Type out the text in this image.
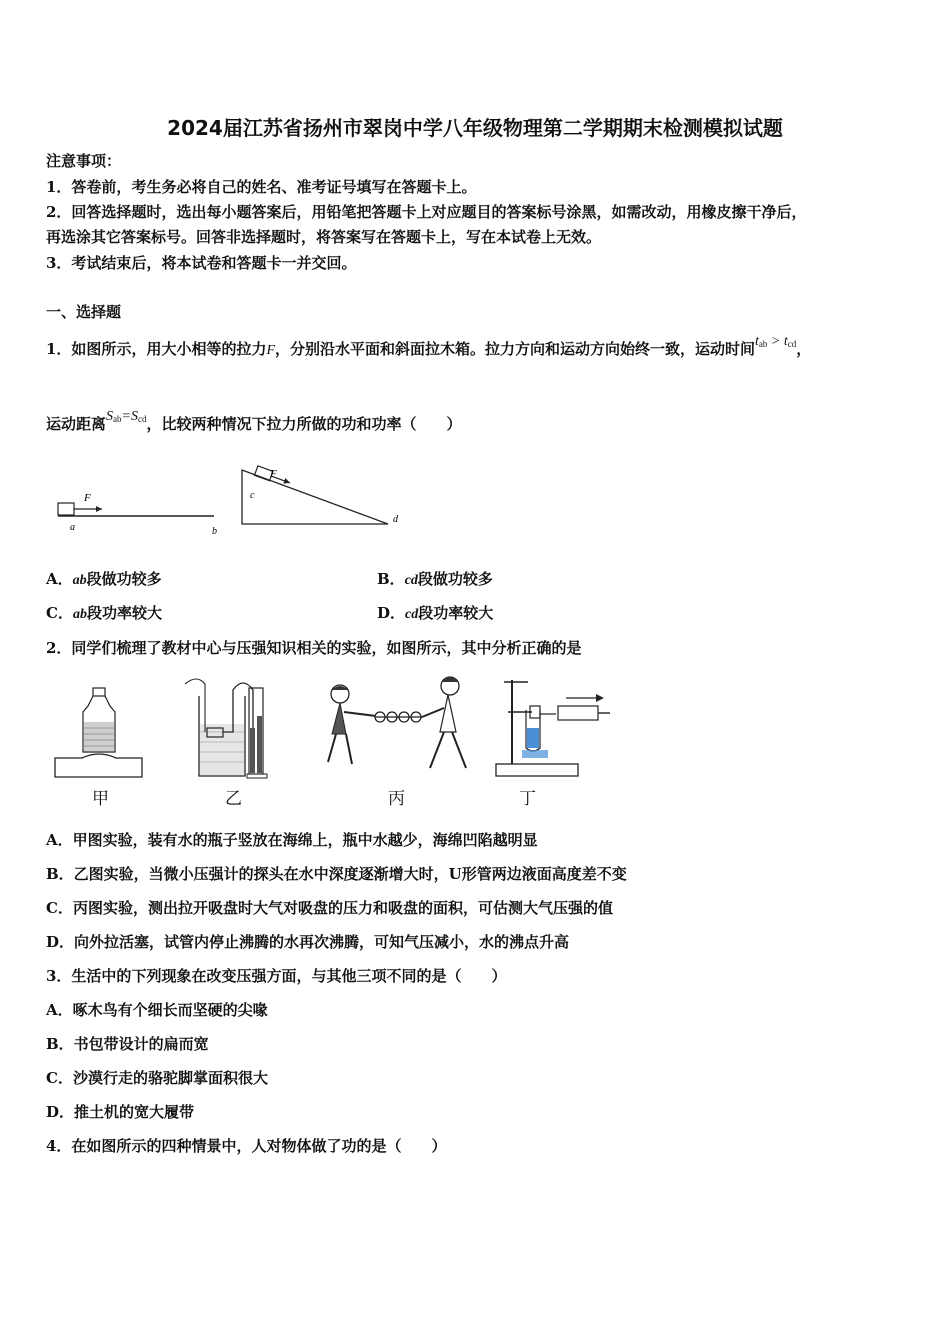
2024届江苏省扬州市翠岗中学八年级物理第二学期期末检测模拟试题
注意事项：
1．答卷前，考生务必将自己的姓名、准考证号填写在答题卡上。
2．回答选择题时，选出每小题答案后，用铅笔把答题卡上对应题目的答案标号涂黑，如需改动，用橡皮擦干净后，
再选涂其它答案标号。回答非选择题时，将答案写在答题卡上，写在本试卷上无效。
3．考试结束后，将本试卷和答题卡一并交回。
一、选择题
1．如图所示，用大小相等的拉力F，分别沿水平面和斜面拉木箱。拉力方向和运动方向始终一致，运动时间$t_{ab} > t_{cd}$，
运动距离$S_{ab}=S_{cd}$，比较两种情况下拉力所做的功和功率（　　）
F
a	b
F
c
d
A．ab段做功较多	B．cd段做功较多
C．ab段功率较大	D．cd段功率较大
2．同学们梳理了教材中心与压强知识相关的实验，如图所示，其中分析正确的是
甲	乙	丙	丁
A．甲图实验，装有水的瓶子竖放在海绵上，瓶中水越少，海绵凹陷越明显
B．乙图实验，当微小压强计的探头在水中深度逐渐增大时，U形管两边液面高度差不变
C．丙图实验，测出拉开吸盘时大气对吸盘的压力和吸盘的面积，可估测大气压强的值
D．向外拉活塞，试管内停止沸腾的水再次沸腾，可知气压减小，水的沸点升高
3．生活中的下列现象在改变压强方面，与其他三项不同的是（　　）
A．啄木鸟有个细长而坚硬的尖喙
B．书包带设计的扁而宽
C．沙漠行走的骆驼脚掌面积很大
D．推土机的宽大履带
4．在如图所示的四种情景中，人对物体做了功的是（　　）
